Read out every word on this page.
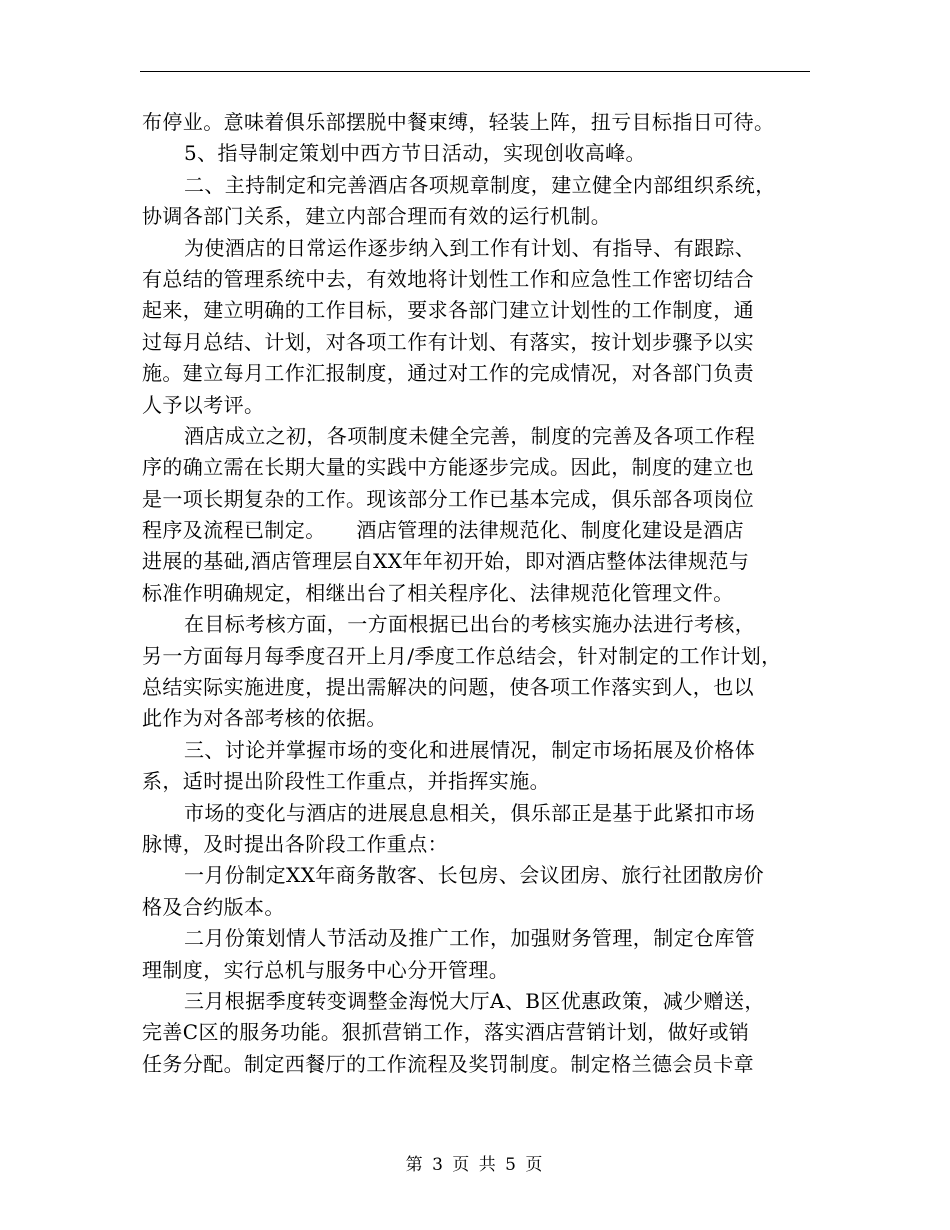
布停业。意味着俱乐部摆脱中餐束缚，轻装上阵，扭亏目标指日可待。
5、指导制定策划中西方节日活动，实现创收高峰。
二、主持制定和完善酒店各项规章制度，建立健全内部组织系统，
协调各部门关系，建立内部合理而有效的运行机制。
为使酒店的日常运作逐步纳入到工作有计划、有指导、有跟踪、
有总结的管理系统中去，有效地将计划性工作和应急性工作密切结合
起来，建立明确的工作目标，要求各部门建立计划性的工作制度，通
过每月总结、计划，对各项工作有计划、有落实，按计划步骤予以实
施。建立每月工作汇报制度，通过对工作的完成情况，对各部门负责
人予以考评。
酒店成立之初，各项制度未健全完善，制度的完善及各项工作程
序的确立需在长期大量的实践中方能逐步完成。因此，制度的建立也
是一项长期复杂的工作。现该部分工作已基本完成，俱乐部各项岗位
程序及流程已制定。　　酒店管理的法律规范化、制度化建设是酒店
进展的基础,酒店管理层自XX年年初开始，即对酒店整体法律规范与
标准作明确规定，相继出台了相关程序化、法律规范化管理文件。
在目标考核方面，一方面根据已出台的考核实施办法进行考核，
另一方面每月每季度召开上月/季度工作总结会，针对制定的工作计划，
总结实际实施进度，提出需解决的问题，使各项工作落实到人，也以
此作为对各部考核的依据。
三、讨论并掌握市场的变化和进展情况，制定市场拓展及价格体
系，适时提出阶段性工作重点，并指挥实施。
市场的变化与酒店的进展息息相关，俱乐部正是基于此紧扣市场
脉博，及时提出各阶段工作重点：
一月份制定XX年商务散客、长包房、会议团房、旅行社团散房价
格及合约版本。
二月份策划情人节活动及推广工作，加强财务管理，制定仓库管
理制度，实行总机与服务中心分开管理。
三月根据季度转变调整金海悦大厅A、B区优惠政策，减少赠送，
完善C区的服务功能。狠抓营销工作，落实酒店营销计划，做好或销
任务分配。制定西餐厅的工作流程及奖罚制度。制定格兰德会员卡章
第 3 页 共 5 页
